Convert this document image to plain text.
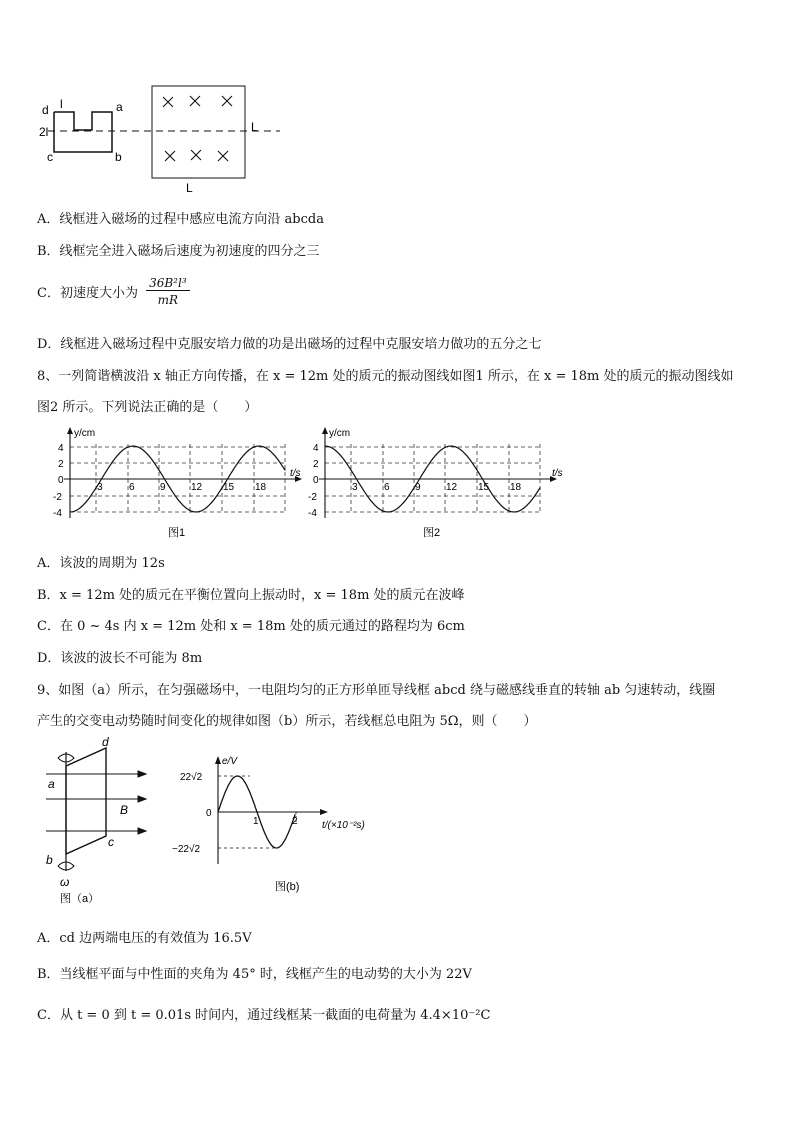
d l	a
2l
c	b
L
L
A．线框进入磁场的过程中感应电流方向沿 abcda
B．线框完全进入磁场后速度为初速度的四分之三
C．初速度大小为 $\frac{\text{36B²l³}}{mR}$
D．线框进入磁场过程中克服安培力做的功是出磁场的过程中克服安培力做功的五分之七
8、一列简谐横波沿 x 轴正方向传播，在 x = 12m 处的质元的振动图线如图1 所示，在 x = 18m 处的质元的振动图线如
图2 所示。下列说法正确的是（　　）
y/cm
t/s
4
2
0
-2
-4
3	6	9	12 15 18
图1
y/cm
t/s
4
2
0
-2
-4
3	6	9	12 15 18
图2
A．该波的周期为 12s
B．x = 12m 处的质元在平衡位置向上振动时，x = 18m 处的质元在波峰
C．在 0 ~ 4s 内 x = 12m 处和 x = 18m 处的质元通过的路程均为 6cm
D．该波的波长不可能为 8m
9、如图（a）所示，在匀强磁场中，一电阻均匀的正方形单匝导线框 abcd 绕与磁感线垂直的转轴 ab 匀速转动，线圈
产生的交变电动势随时间变化的规律如图（b）所示，若线框总电阻为 5Ω，则（　　）
d
a
B
c
b
ω
图（a）
e/V
22√2
0
−22√2
1	2 t/(×10⁻²s)
图(b)
A．cd 边两端电压的有效值为 16.5V
B．当线框平面与中性面的夹角为 45° 时，线框产生的电动势的大小为 22V
C．从 t = 0 到 t = 0.01s 时间内，通过线框某一截面的电荷量为 4.4×10⁻²C
